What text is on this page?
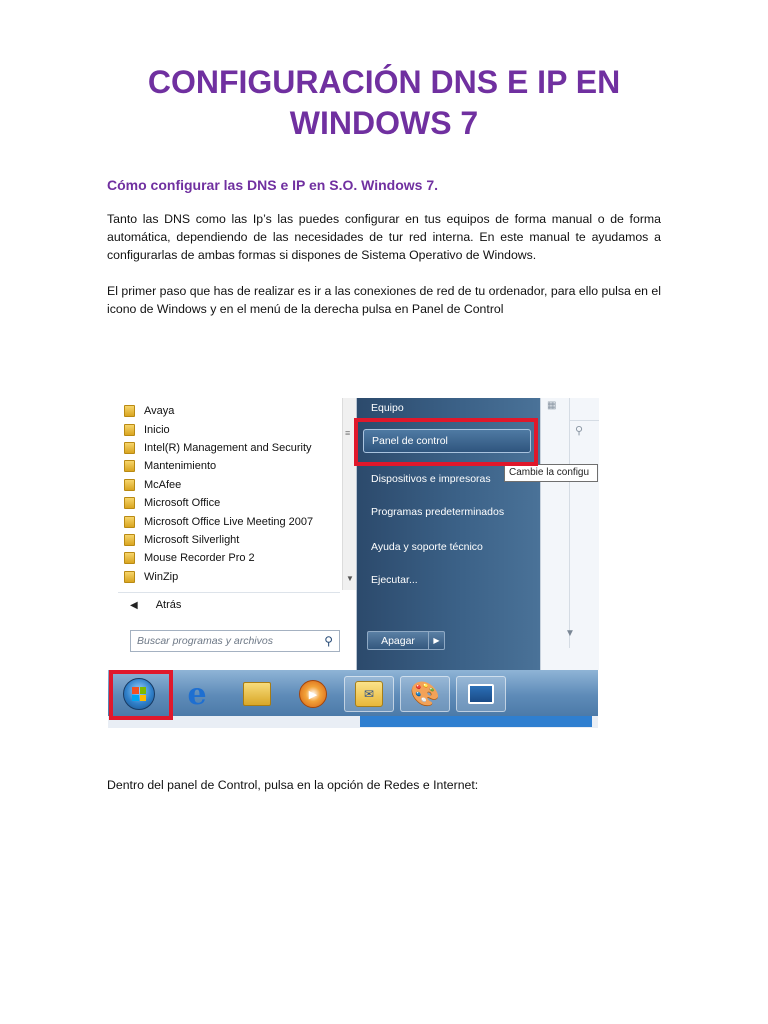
CONFIGURACIÓN DNS E IP EN
WINDOWS 7
Cómo configurar las DNS e IP en S.O. Windows 7.

Tanto las DNS como las Ip’s las puedes configurar en tus equipos de forma manual o de forma automática, dependiendo de las necesidades de tur red interna. En este manual te ayudamos a configurarlas de ambas formas si dispones de Sistema Operativo de Windows.

El primer paso que has de realizar es ir a las conexiones de red de tu ordenador, para ello pulsa en el icono de Windows y en el menú de la derecha pulsa en Panel de Control

▦
⚲
▼
Avaya
Inicio
Intel(R) Management and Security
Mantenimiento
McAfee
Microsoft Office
Microsoft Office Live Meeting 2007
Microsoft Silverlight
Mouse Recorder Pro 2
WinZip
≡
▼
◀ Atrás
Buscar programas y archivos	⚲
Equipo
Panel de control
Dispositivos e impresoras
Programas predeterminados
Ayuda y soporte técnico
Ejecutar...
Apagar	▶
Cambie la configu
e	▶	✉	🎨

Dentro del panel de Control, pulsa en la opción de Redes e Internet:
